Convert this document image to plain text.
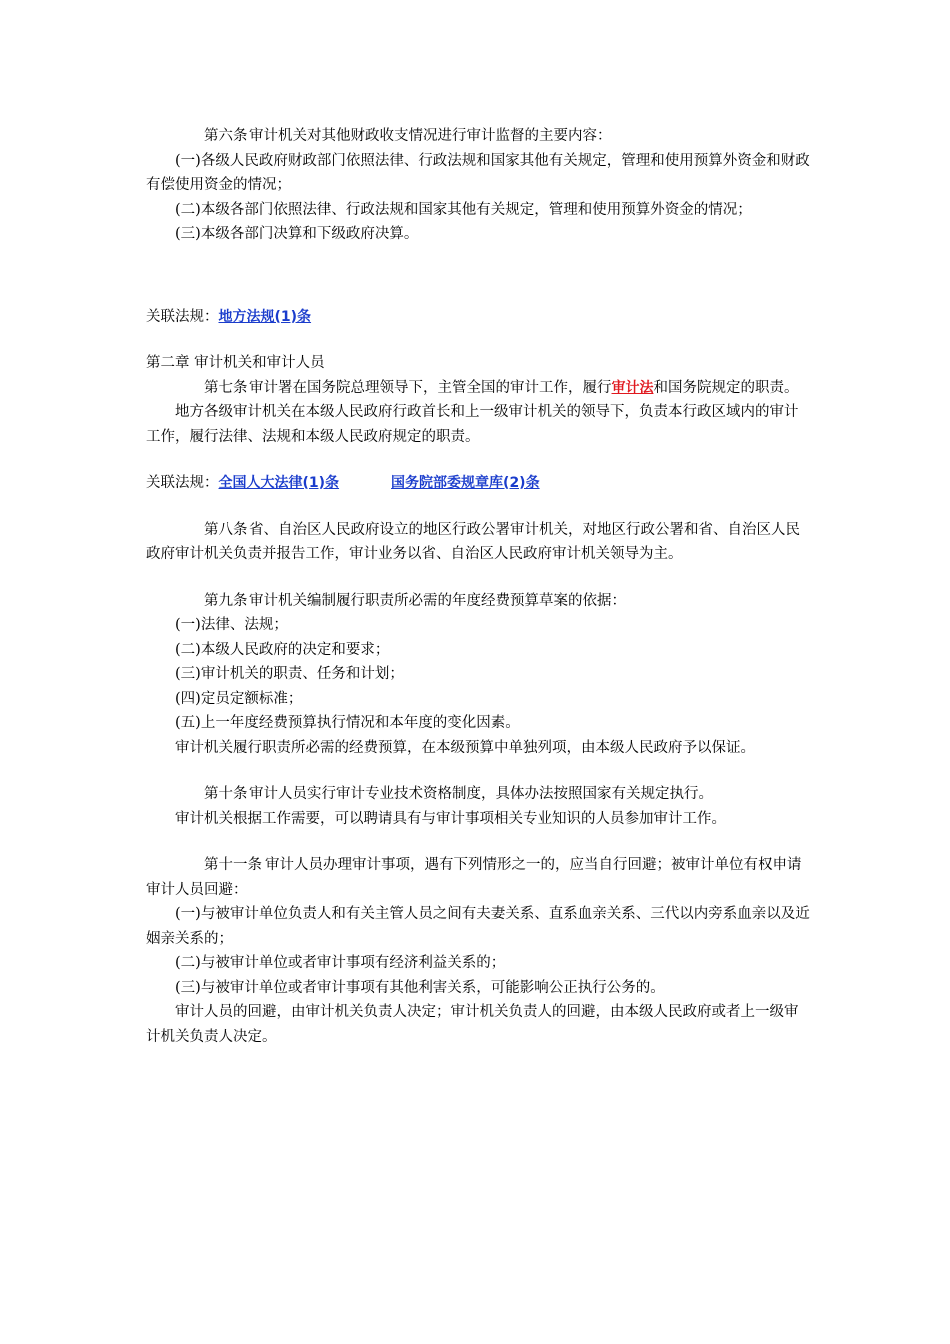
第六条 审计机关对其他财政收支情况进行审计监督的主要内容：

(一)各级人民政府财政部门依照法律、行政法规和国家其他有关规定，管理和使用预算外资金和财政有偿使用资金的情况；

(二)本级各部门依照法律、行政法规和国家其他有关规定，管理和使用预算外资金的情况；

(三)本级各部门决算和下级政府决算。

关联法规：地方法规(1)条

第二章 审计机关和审计人员

第七条 审计署在国务院总理领导下，主管全国的审计工作，履行审计法和国务院规定的职责。

地方各级审计机关在本级人民政府行政首长和上一级审计机关的领导下，负责本行政区域内的审计工作，履行法律、法规和本级人民政府规定的职责。

关联法规：全国人大法律(1)条	国务院部委规章库(2)条

第八条 省、自治区人民政府设立的地区行政公署审计机关，对地区行政公署和省、自治区人民政府审计机关负责并报告工作，审计业务以省、自治区人民政府审计机关领导为主。

第九条 审计机关编制履行职责所必需的年度经费预算草案的依据：

(一)法律、法规；

(二)本级人民政府的决定和要求；

(三)审计机关的职责、任务和计划；

(四)定员定额标准；

(五)上一年度经费预算执行情况和本年度的变化因素。

审计机关履行职责所必需的经费预算，在本级预算中单独列项，由本级人民政府予以保证。

第十条 审计人员实行审计专业技术资格制度，具体办法按照国家有关规定执行。

审计机关根据工作需要，可以聘请具有与审计事项相关专业知识的人员参加审计工作。

第十一条 审计人员办理审计事项，遇有下列情形之一的，应当自行回避；被审计单位有权申请审计人员回避：

(一)与被审计单位负责人和有关主管人员之间有夫妻关系、直系血亲关系、三代以内旁系血亲以及近姻亲关系的；

(二)与被审计单位或者审计事项有经济利益关系的；

(三)与被审计单位或者审计事项有其他利害关系，可能影响公正执行公务的。

审计人员的回避，由审计机关负责人决定；审计机关负责人的回避，由本级人民政府或者上一级审计机关负责人决定。
